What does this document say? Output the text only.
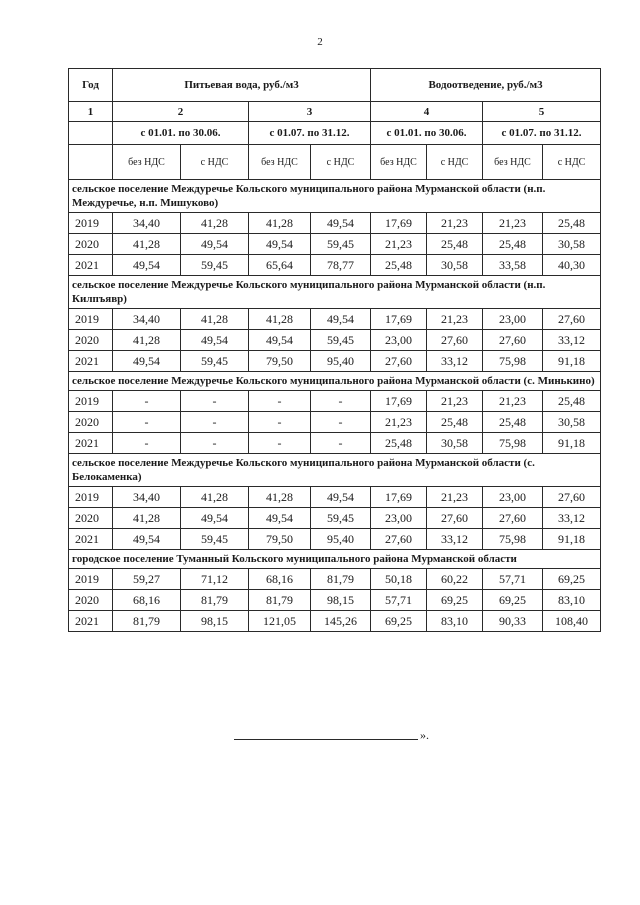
2
Год	Питьевая вода, руб./м3				Водоотведение, руб./м3			
1	2		3		4		5	
	с 01.01. по 30.06.		с 01.07. по 31.12.		с 01.01. по 30.06.		с 01.07. по 31.12.	
	без НДС	с НДС	без НДС	с НДС	без НДС	с НДС	без НДС	с НДС
сельское поселение Междуречье Кольского муниципального района Мурманской области (н.п. Междуречье, н.п. Мишуково)								
2019	34,40	41,28	41,28	49,54	17,69	21,23	21,23	25,48
2020	41,28	49,54	49,54	59,45	21,23	25,48	25,48	30,58
2021	49,54	59,45	65,64	78,77	25,48	30,58	33,58	40,30
сельское поселение Междуречье Кольского муниципального района Мурманской области (н.п. Килпъявр)								
2019	34,40	41,28	41,28	49,54	17,69	21,23	23,00	27,60
2020	41,28	49,54	49,54	59,45	23,00	27,60	27,60	33,12
2021	49,54	59,45	79,50	95,40	27,60	33,12	75,98	91,18
сельское поселение Междуречье Кольского муниципального района Мурманской области (с. Минькино)								
2019	-	-	-	-	17,69	21,23	21,23	25,48
2020	-	-	-	-	21,23	25,48	25,48	30,58
2021	-	-	-	-	25,48	30,58	75,98	91,18
сельское поселение Междуречье Кольского муниципального района Мурманской области (с. Белокаменка)								
2019	34,40	41,28	41,28	49,54	17,69	21,23	23,00	27,60
2020	41,28	49,54	49,54	59,45	23,00	27,60	27,60	33,12
2021	49,54	59,45	79,50	95,40	27,60	33,12	75,98	91,18
городское поселение Туманный Кольского муниципального района Мурманской области								
2019	59,27	71,12	68,16	81,79	50,18	60,22	57,71	69,25
2020	68,16	81,79	81,79	98,15	57,71	69,25	69,25	83,10
2021	81,79	98,15	121,05	145,26	69,25	83,10	90,33	108,40
».
